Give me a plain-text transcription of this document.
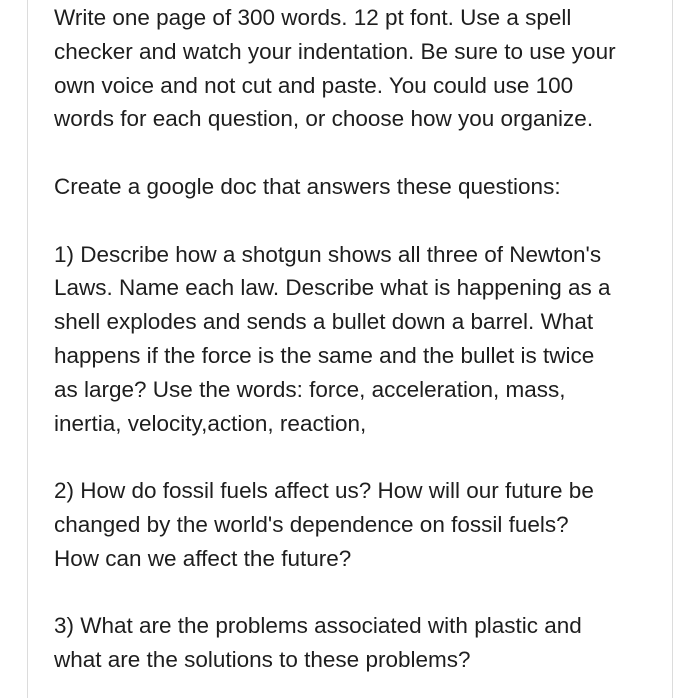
Write one page of 300 words. 12 pt font. Use a spell
checker and watch your indentation. Be sure to use your
own voice and not cut and paste. You could use 100
words for each question, or choose how you organize.
Create a google doc that answers these questions:
1) Describe how a shotgun shows all three of Newton's
Laws. Name each law. Describe what is happening as a
shell explodes and sends a bullet down a barrel. What
happens if the force is the same and the bullet is twice
as large? Use the words: force, acceleration, mass,
inertia, velocity,action, reaction,
2) How do fossil fuels affect us? How will our future be
changed by the world's dependence on fossil fuels?
How can we affect the future?
3) What are the problems associated with plastic and
what are the solutions to these problems?
